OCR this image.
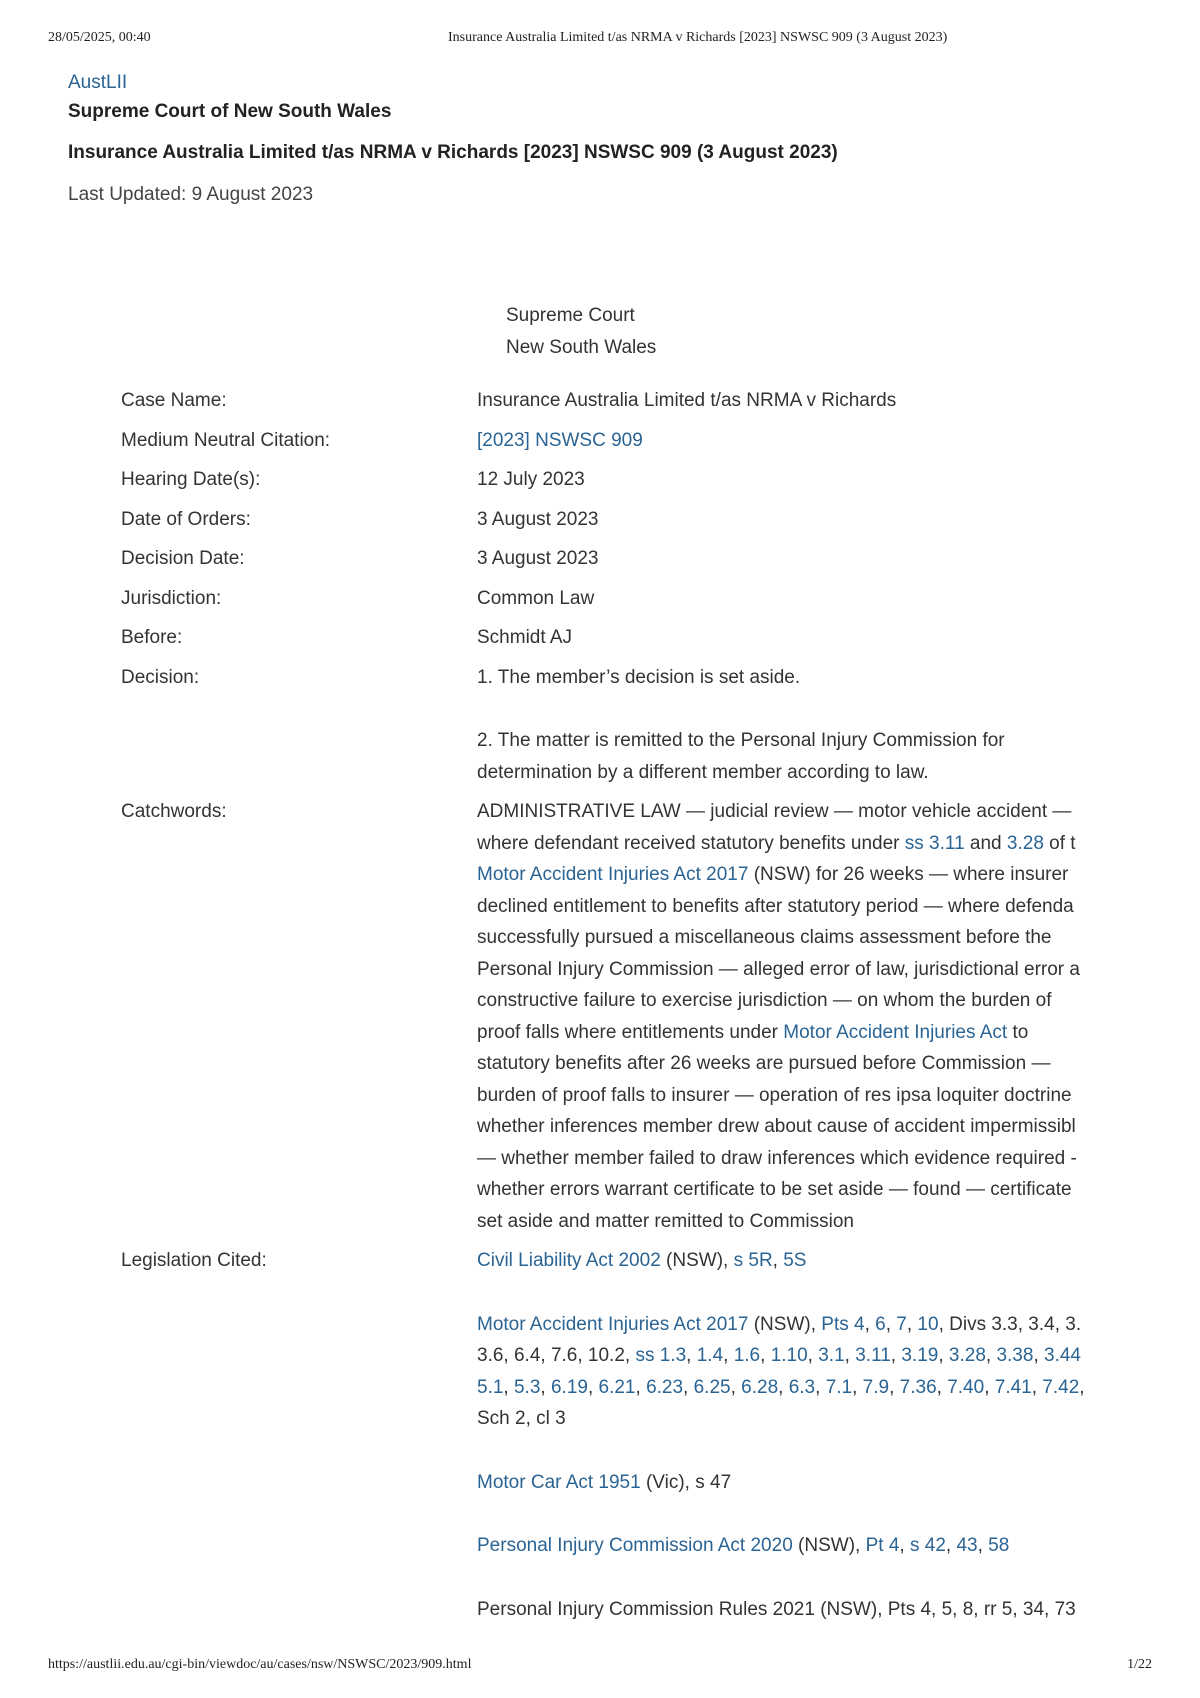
28/05/2025, 00:40	Insurance Australia Limited t/as NRMA v Richards [2023] NSWSC 909 (3 August 2023)
AustLII
Supreme Court of New South Wales
Insurance Australia Limited t/as NRMA v Richards [2023] NSWSC 909 (3 August 2023)
Last Updated: 9 August 2023
Supreme Court
New South Wales
Case Name:	Insurance Australia Limited t/as NRMA v Richards
Medium Neutral Citation:	[2023] NSWSC 909
Hearing Date(s):	12 July 2023
Date of Orders:	3 August 2023
Decision Date:	3 August 2023
Jurisdiction:	Common Law
Before:	Schmidt AJ
Decision:	1. The member’s decision is set aside.
2. The matter is remitted to the Personal Injury Commission for
determination by a different member according to law.
Catchwords:	ADMINISTRATIVE LAW — judicial review — motor vehicle accident —
where defendant received statutory benefits under ss 3.11 and 3.28 of t
Motor Accident Injuries Act 2017 (NSW) for 26 weeks — where insurer
declined entitlement to benefits after statutory period — where defenda
successfully pursued a miscellaneous claims assessment before the
Personal Injury Commission — alleged error of law, jurisdictional error a
constructive failure to exercise jurisdiction — on whom the burden of
proof falls where entitlements under Motor Accident Injuries Act to
statutory benefits after 26 weeks are pursued before Commission —
burden of proof falls to insurer — operation of res ipsa loquiter doctrine
whether inferences member drew about cause of accident impermissibl
— whether member failed to draw inferences which evidence required -
whether errors warrant certificate to be set aside — found — certificate
set aside and matter remitted to Commission
Legislation Cited:	Civil Liability Act 2002 (NSW), s 5R, 5S
Motor Accident Injuries Act 2017 (NSW), Pts 4, 6, 7, 10, Divs 3.3, 3.4, 3.
3.6, 6.4, 7.6, 10.2, ss 1.3, 1.4, 1.6, 1.10, 3.1, 3.11, 3.19, 3.28, 3.38, 3.44
5.1, 5.3, 6.19, 6.21, 6.23, 6.25, 6.28, 6.3, 7.1, 7.9, 7.36, 7.40, 7.41, 7.42,
Sch 2, cl 3
Motor Car Act 1951 (Vic), s 47
Personal Injury Commission Act 2020 (NSW), Pt 4, s 42, 43, 58
Personal Injury Commission Rules 2021 (NSW), Pts 4, 5, 8, rr 5, 34, 73
https://austlii.edu.au/cgi-bin/viewdoc/au/cases/nsw/NSWSC/2023/909.html	1/22
